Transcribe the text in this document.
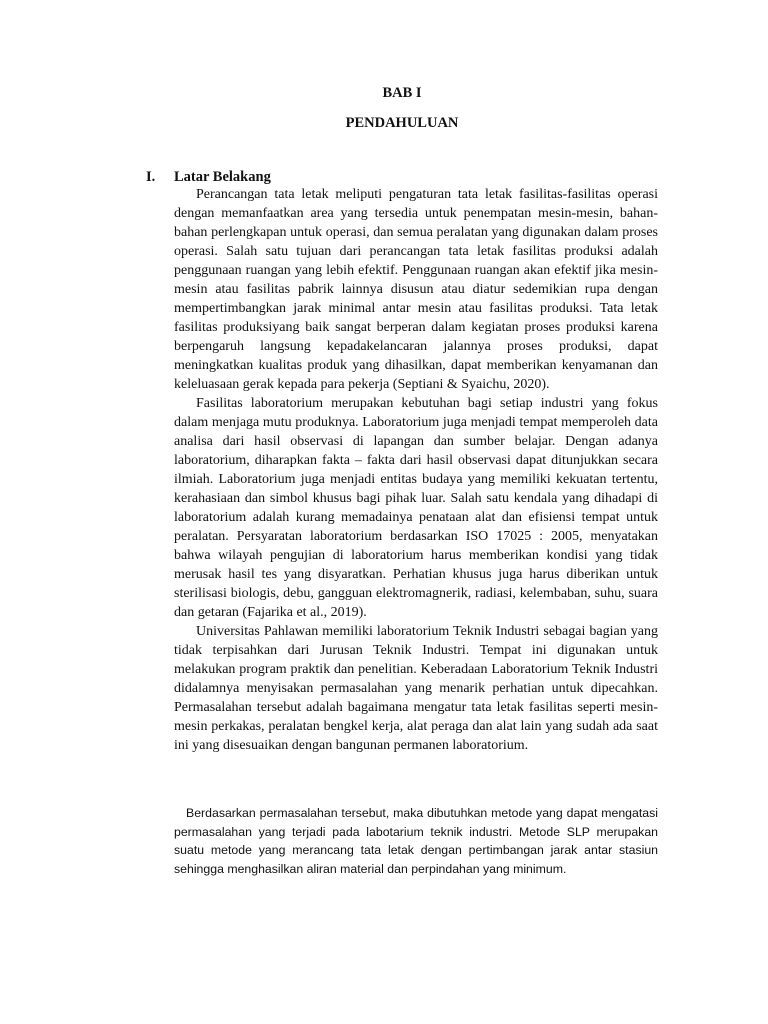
BAB I
PENDAHULUAN
I. Latar Belakang

Perancangan tata letak meliputi pengaturan tata letak fasilitas-fasilitas operasi dengan memanfaatkan area yang tersedia untuk penempatan mesin-mesin, bahan-bahan perlengkapan untuk operasi, dan semua peralatan yang digunakan dalam proses operasi. Salah satu tujuan dari perancangan tata letak fasilitas produksi adalah penggunaan ruangan yang lebih efektif. Penggunaan ruangan akan efektif jika mesin-mesin atau fasilitas pabrik lainnya disusun atau diatur sedemikian rupa dengan mempertimbangkan jarak minimal antar mesin atau fasilitas produksi. Tata letak fasilitas produksiyang baik sangat berperan dalam kegiatan proses produksi karena berpengaruh langsung kepadakelancaran jalannya proses produksi, dapat meningkatkan kualitas produk yang dihasilkan, dapat memberikan kenyamanan dan keleluasaan gerak kepada para pekerja (Septiani & Syaichu, 2020).

Fasilitas laboratorium merupakan kebutuhan bagi setiap industri yang fokus dalam menjaga mutu produknya. Laboratorium juga menjadi tempat memperoleh data analisa dari hasil observasi di lapangan dan sumber belajar. Dengan adanya laboratorium, diharapkan fakta – fakta dari hasil observasi dapat ditunjukkan secara ilmiah. Laboratorium juga menjadi entitas budaya yang memiliki kekuatan tertentu, kerahasiaan dan simbol khusus bagi pihak luar. Salah satu kendala yang dihadapi di laboratorium adalah kurang memadainya penataan alat dan efisiensi tempat untuk peralatan. Persyaratan laboratorium berdasarkan ISO 17025 : 2005, menyatakan bahwa wilayah pengujian di laboratorium harus memberikan kondisi yang tidak merusak hasil tes yang disyaratkan. Perhatian khusus juga harus diberikan untuk sterilisasi biologis, debu, gangguan elektromagnerik, radiasi, kelembaban, suhu, suara dan getaran (Fajarika et al., 2019).

Universitas Pahlawan memiliki laboratorium Teknik Industri sebagai bagian yang tidak terpisahkan dari Jurusan Teknik Industri. Tempat ini digunakan untuk melakukan program praktik dan penelitian. Keberadaan Laboratorium Teknik Industri didalamnya menyisakan permasalahan yang menarik perhatian untuk dipecahkan. Permasalahan tersebut adalah bagaimana mengatur tata letak fasilitas seperti mesin-mesin perkakas, peralatan bengkel kerja, alat peraga dan alat lain yang sudah ada saat ini yang disesuaikan dengan bangunan permanen laboratorium.

Berdasarkan permasalahan tersebut, maka dibutuhkan metode yang dapat mengatasi permasalahan yang terjadi pada labotarium teknik industri. Metode SLP merupakan suatu metode yang merancang tata letak dengan pertimbangan jarak antar stasiun sehingga menghasilkan aliran material dan perpindahan yang minimum.
